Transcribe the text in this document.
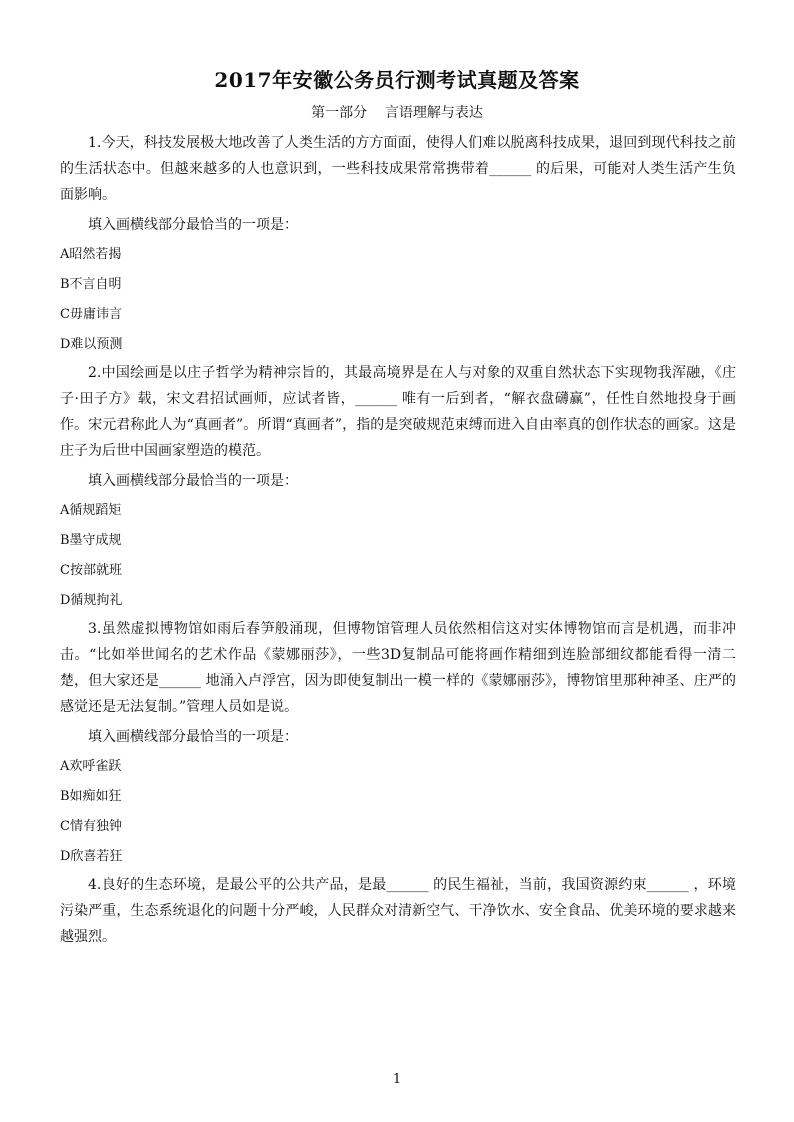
2017年安徽公务员行测考试真题及答案
第一部分    言语理解与表达

1.今天，科技发展极大地改善了人类生活的方方面面，使得人们难以脱离科技成果，退回到现代科技之前的生活状态中。但越来越多的人也意识到，一些科技成果常常携带着______ 的后果，可能对人类生活产生负面影响。

填入画横线部分最恰当的一项是：

A昭然若揭

B不言自明

C毋庸讳言

D难以预测

2.中国绘画是以庄子哲学为精神宗旨的，其最高境界是在人与对象的双重自然状态下实现物我浑融，《庄子·田子方》载，宋文君招试画师，应试者皆，______ 唯有一后到者，“解衣盘礴赢”，任性自然地投身于画作。宋元君称此人为“真画者”。所谓“真画者”，指的是突破规范束缚而进入自由率真的创作状态的画家。这是庄子为后世中国画家塑造的模范。

填入画横线部分最恰当的一项是：

A循规蹈矩

B墨守成规

C按部就班

D循规拘礼

3.虽然虚拟博物馆如雨后春笋般涌现，但博物馆管理人员依然相信这对实体博物馆而言是机遇，而非冲击。“比如举世闻名的艺术作品《蒙娜丽莎》，一些3D复制品可能将画作精细到连脸部细纹都能看得一清二楚，但大家还是______ 地涌入卢浮宫，因为即使复制出一模一样的《蒙娜丽莎》，博物馆里那种神圣、庄严的感觉还是无法复制。”管理人员如是说。

填入画横线部分最恰当的一项是：

A欢呼雀跃

B如痴如狂

C情有独钟

D欣喜若狂

4.良好的生态环境，是最公平的公共产品，是最______ 的民生福祉，当前，我国资源约束______ ，环境污染严重，生态系统退化的问题十分严峻，人民群众对清新空气、干净饮水、安全食品、优美环境的要求越来越强烈。

1
